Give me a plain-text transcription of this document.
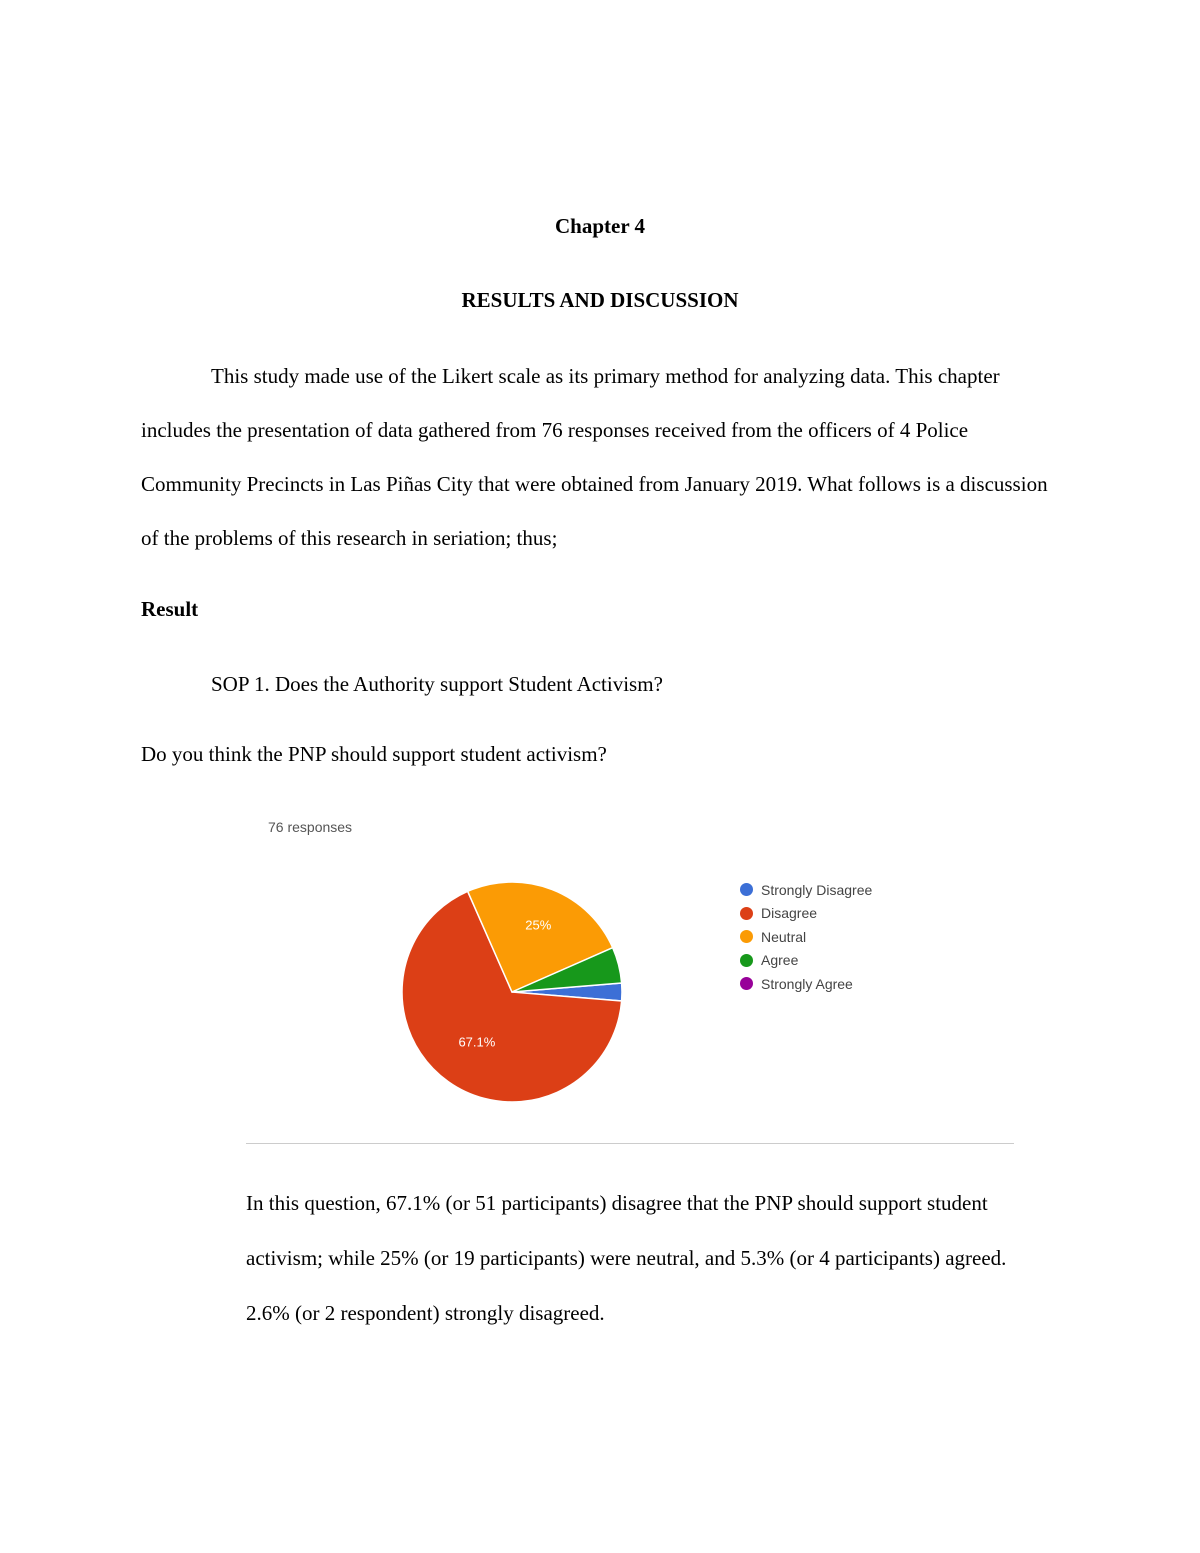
Chapter 4
RESULTS AND DISCUSSION

This study made use of the Likert scale as its primary method for analyzing data. This chapter includes the presentation of data gathered from 76 responses received from the officers of 4 Police Community Precincts in Las Piñas City that were obtained from January 2019. What follows is a discussion of the problems of this research in seriation; thus;

Result
SOP 1. Does the Authority support Student Activism?
Do you think the PNP should support student activism?
76 responses
67.1%
25%
Strongly Disagree
Disagree
Neutral
Agree
Strongly Agree

In this question, 67.1% (or 51 participants) disagree that the PNP should support student activism; while 25% (or 19 participants) were neutral, and 5.3% (or 4 participants) agreed. 2.6% (or 2 respondent) strongly disagreed.
